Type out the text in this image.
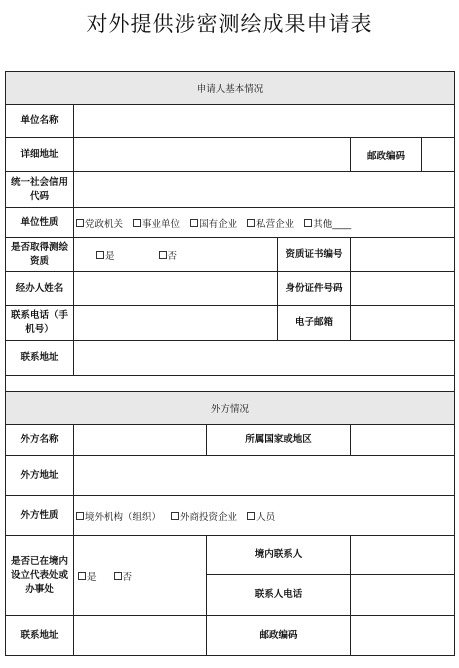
对外提供涉密测绘成果申请表
申请人基本情况				
单位名称				
详细地址				邮政编码

统一社会信用代码				
单位性质	党政机关 事业单位 国有企业 私营企业 其他____			
是否取得测绘资质	是 否		资质证书编号	
经办人姓名			身份证件号码	
联系电话（手机号）			电子邮箱	
联系地址				

外方情况				
外方名称		所属国家或地区		
外方地址				
外方性质	境外机构（组织） 外商投资企业 人员			
是否已在境内设立代表处或办事处	是 否	境内联系人		
		联系人电话		
联系地址		邮政编码		
